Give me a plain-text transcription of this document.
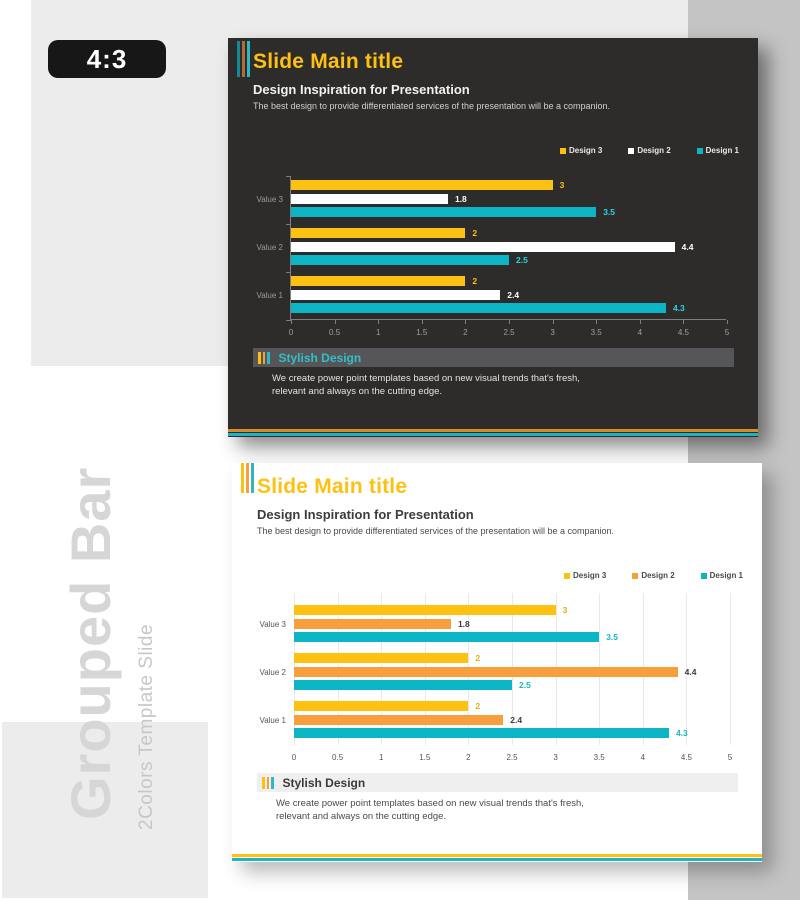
4:3
Grouped Bar 2Colors Template Slide
Slide Main title
Design Inspiration for Presentation

The best design to provide differentiated services of the presentation will be a companion.

Design 3	Design 2	Design 1
0	0.5	1	1.5	2	2.5	3	3.5	4	4.5	5
Value 3
3
1.8
3.5
Value 2
2
4.4
2.5
Value 1
2
2.4
4.3
Stylish Design

We create power point templates based on new visual trends that's fresh,
relevant and always on the cutting edge.

Slide Main title
Design Inspiration for Presentation

The best design to provide differentiated services of the presentation will be a companion.

Design 3	Design 2	Design 1
0	0.5	1	1.5	2	2.5	3	3.5	4	4.5	5
Value 3
3
1.8
3.5
Value 2
2
4.4
2.5
Value 1
2
2.4
4.3
Stylish Design

We create power point templates based on new visual trends that's fresh,
relevant and always on the cutting edge.
